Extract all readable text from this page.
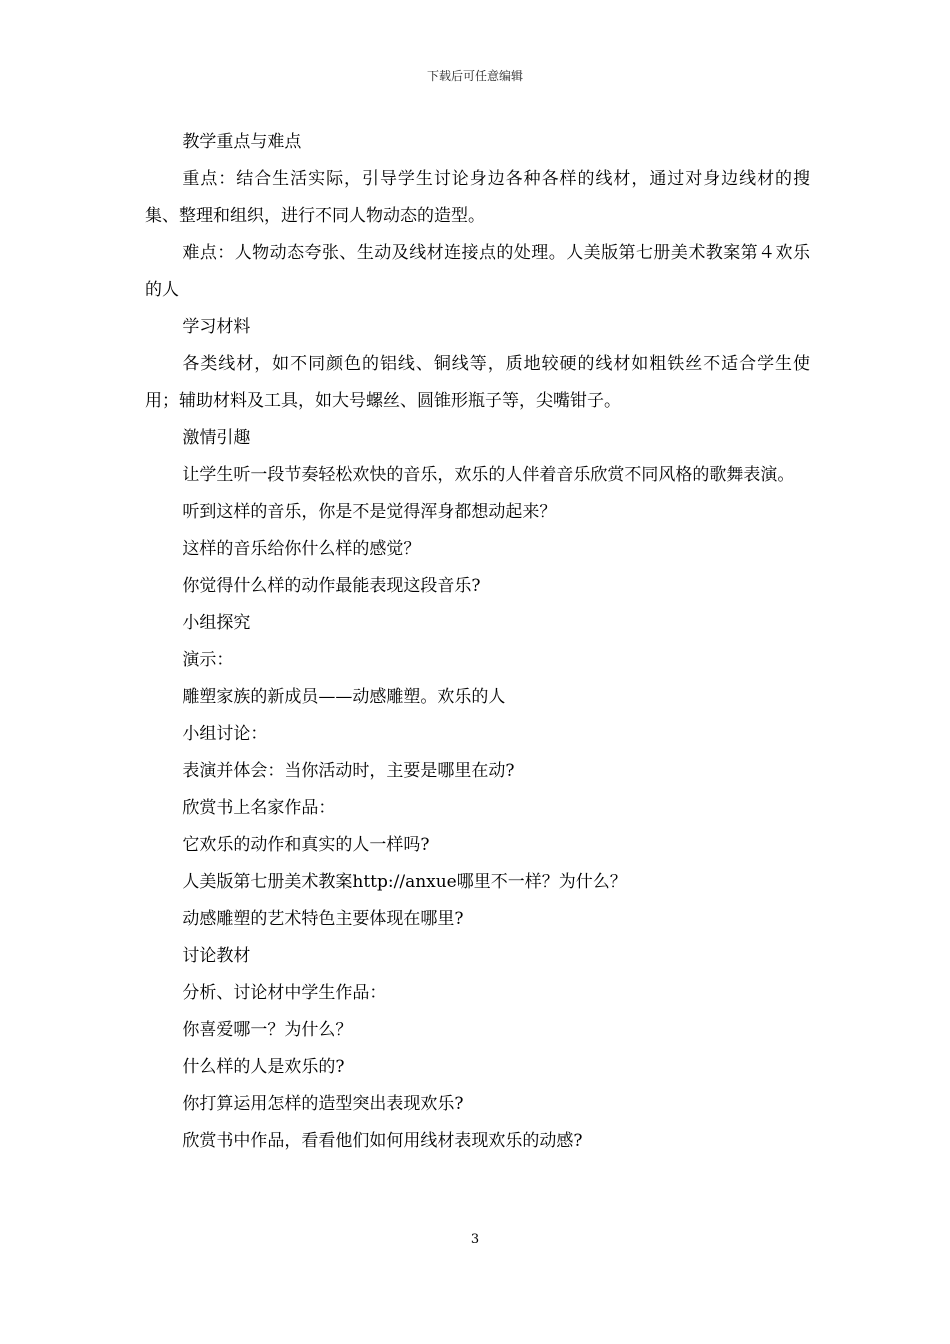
下载后可任意编辑

教学重点与难点

重点：结合生活实际，引导学生讨论身边各种各样的线材，通过对身边线材的搜集、整理和组织，进行不同人物动态的造型。

难点：人物动态夸张、生动及线材连接点的处理。人美版第七册美术教案第４欢乐的人

学习材料

各类线材，如不同颜色的铝线、铜线等，质地较硬的线材如粗铁丝不适合学生使用；辅助材料及工具，如大号螺丝、圆锥形瓶子等，尖嘴钳子。

激情引趣

让学生听一段节奏轻松欢快的音乐，欢乐的人伴着音乐欣赏不同风格的歌舞表演。

听到这样的音乐，你是不是觉得浑身都想动起来？

这样的音乐给你什么样的感觉？

你觉得什么样的动作最能表现这段音乐?

小组探究

演示：

雕塑家族的新成员——动感雕塑。欢乐的人

小组讨论：

表演并体会：当你活动时，主要是哪里在动?

欣赏书上名家作品：

它欢乐的动作和真实的人一样吗?

人美版第七册美术教案http://anxue哪里不一样？为什么？

动感雕塑的艺术特色主要体现在哪里?

讨论教材

分析、讨论材中学生作品：

你喜爱哪一？为什么？

什么样的人是欢乐的?

你打算运用怎样的造型突出表现欢乐?

欣赏书中作品，看看他们如何用线材表现欢乐的动感?

3
